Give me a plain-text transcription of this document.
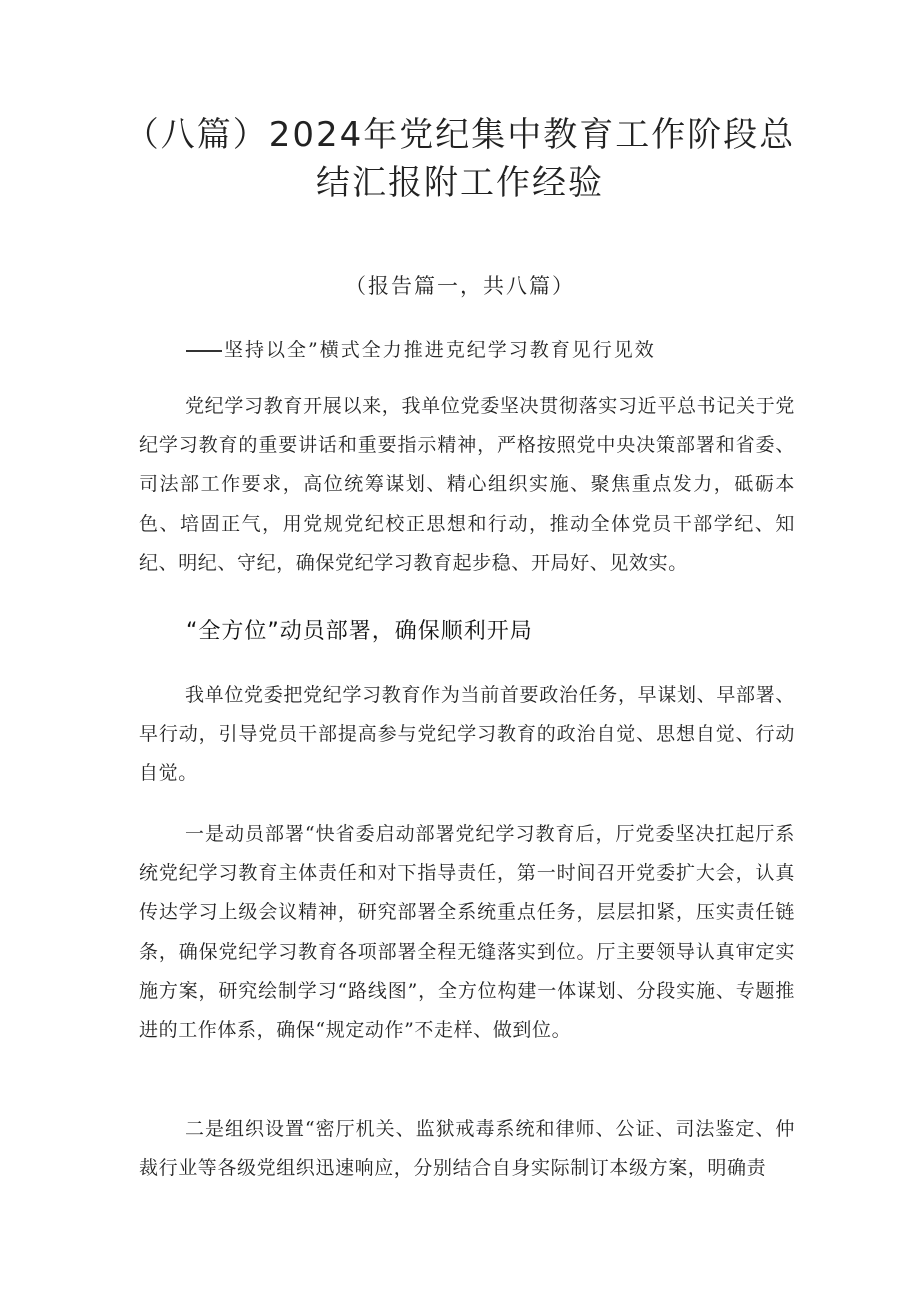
（八篇）2024年党纪集中教育工作阶段总
结汇报附工作经验
（报告篇一，共八篇）
坚持以全”横式全力推进克纪学习教育见行见效

党纪学习教育开展以来，我单位党委坚决贯彻落实习近平总书记关于党纪学习教育的重要讲话和重要指示精神，严格按照党中央决策部署和省委、司法部工作要求，高位统筹谋划、精心组织实施、聚焦重点发力，砥砺本色、培固正气，用党规党纪校正思想和行动，推动全体党员干部学纪、知纪、明纪、守纪，确保党纪学习教育起步稳、开局好、见效实。

“全方位”动员部署，确保顺利开局

我单位党委把党纪学习教育作为当前首要政治任务，早谋划、早部署、早行动，引导党员干部提高参与党纪学习教育的政治自觉、思想自觉、行动自觉。

一是动员部署“快省委启动部署党纪学习教育后，厅党委坚决扛起厅系统党纪学习教育主体责任和对下指导责任，第一时间召开党委扩大会，认真传达学习上级会议精神，研究部署全系统重点任务，层层扣紧，压实责任链条，确保党纪学习教育各项部署全程无缝落实到位。厅主要领导认真审定实施方案，研究绘制学习“路线图”，全方位构建一体谋划、分段实施、专题推进的工作体系，确保“规定动作”不走样、做到位。

二是组织设置“密厅机关、监狱戒毒系统和律师、公证、司法鉴定、仲裁行业等各级党组织迅速响应，分别结合自身实际制订本级方案，明确责
